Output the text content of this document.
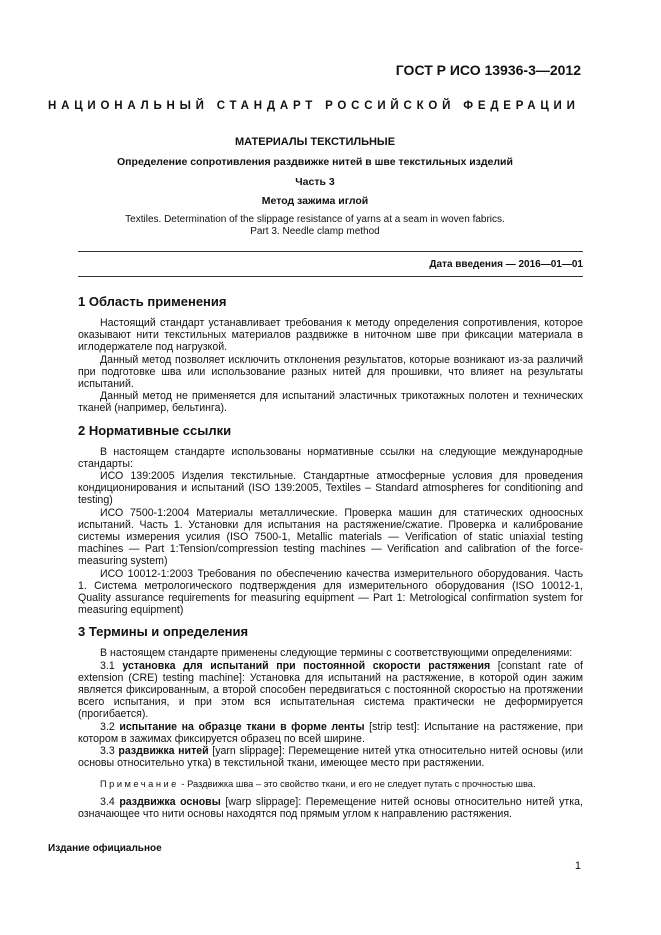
ГОСТ Р ИСО 13936-3—2012
НАЦИОНАЛЬНЫЙ СТАНДАРТ РОССИЙСКОЙ ФЕДЕРАЦИИ
МАТЕРИАЛЫ ТЕКСТИЛЬНЫЕ
Определение сопротивления раздвижке нитей в шве текстильных изделий
Часть 3
Метод зажима иглой
Textiles. Determination of the slippage resistance of yarns at a seam in woven fabrics.
Part 3. Needle clamp method
Дата введения — 2016—01—01
1 Область применения

Настоящий стандарт устанавливает требования к методу определения сопротивления, которое оказывают нити текстильных материалов раздвижке в ниточном шве при фиксации материала в иглодержателе под нагрузкой.

Данный метод позволяет исключить отклонения результатов, которые возникают из-за различий при подготовке шва или использование разных нитей для прошивки, что влияет на результаты испытаний.

Данный метод не применяется для испытаний эластичных трикотажных полотен и технических тканей (например, бельтинга).

2 Нормативные ссылки

В настоящем стандарте использованы нормативные ссылки на следующие международные стандарты:

ИСО 139:2005 Изделия текстильные. Стандартные атмосферные условия для проведения кондиционирования и испытаний (ISO 139:2005, Textiles – Standard atmospheres for conditioning and testing)

ИСО 7500-1:2004 Материалы металлические. Проверка машин для статических одноосных испытаний. Часть 1. Установки для испытания на растяжение/сжатие. Проверка и калибрование системы измерения усилия (ISO 7500-1, Metallic materials — Verification of static uniaxial testing machines — Part 1:Tension/compression testing machines — Verification and calibration of the force-measuring system)

ИСО 10012-1:2003 Требования по обеспечению качества измерительного оборудования. Часть 1. Система метрологического подтверждения для измерительного оборудования (ISO 10012-1, Quality assurance requirements for measuring equipment — Part 1: Metrological confirmation system for measuring equipment)

3 Термины и определения

В настоящем стандарте применены следующие термины с соответствующими определениями:

3.1 установка для испытаний при постоянной скорости растяжения [constant rate of extension (CRE) testing machine]: Установка для испытаний на растяжение, в которой один зажим является фиксированным, а второй способен передвигаться с постоянной скоростью на протяжении всего испытания, и при этом вся испытательная система практически не деформируется (прогибается).

3.2 испытание на образце ткани в форме ленты [strip test]: Испытание на растяжение, при котором в зажимах фиксируется образец по всей ширине.

3.3 раздвижка нитей [yarn slippage]: Перемещение нитей утка относительно нитей основы (или основы относительно утка) в текстильной ткани, имеющее место при растяжении.

Примечание - Раздвижка шва – это свойство ткани, и его не следует путать с прочностью шва.

3.4 раздвижка основы [warp slippage]: Перемещение нитей основы относительно нитей утка, означающее что нити основы находятся под прямым углом к направлению растяжения.

Издание официальное
1
